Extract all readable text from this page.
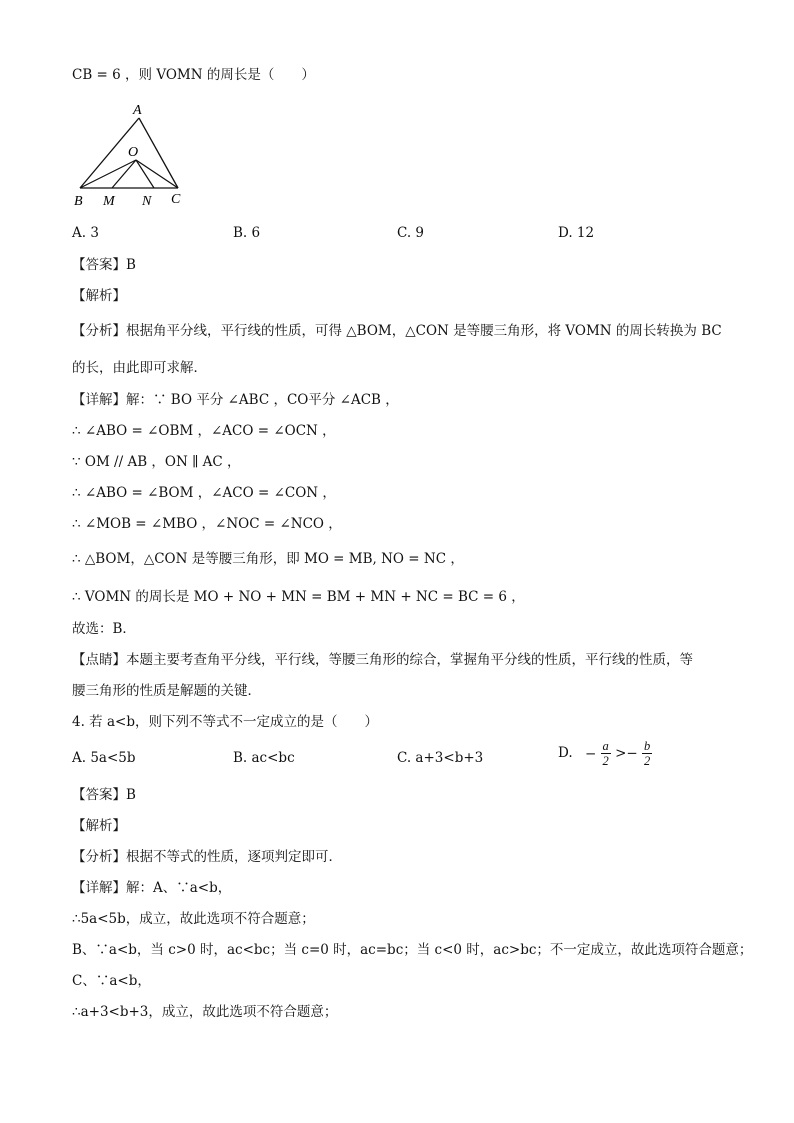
CB = 6 ，则 VOMN 的周长是（　　）
A
O
B M N C
A. 3	B. 6	C. 9	D. 12
【答案】B
【解析】
【分析】根据角平分线，平行线的性质，可得 △BOM，△CON 是等腰三角形，将 VOMN 的周长转换为 BC
的长，由此即可求解．
【详解】解：∵ BO 平分 ∠ABC ，CO平分 ∠ACB ，
∴ ∠ABO = ∠OBM ，∠ACO = ∠OCN ，
∵ OM // AB ，ON ∥ AC ，
∴ ∠ABO = ∠BOM ，∠ACO = ∠CON ，
∴ ∠MOB = ∠MBO ，∠NOC = ∠NCO ，
∴ △BOM，△CON 是等腰三角形，即 MO = MB, NO = NC ，
∴ VOMN 的周长是 MO + NO + MN = BM + MN + NC = BC = 6 ，
故选：B．
【点睛】本题主要考查角平分线，平行线，等腰三角形的综合，掌握角平分线的性质，平行线的性质，等
腰三角形的性质是解题的关键．
4. 若 a<b，则下列不等式不一定成立的是（　　）
A. 5a<5b	B. ac<bc	C. a+3<b+3	D. − $\frac{a}{2} >- \frac{b}{2}$
【答案】B
【解析】
【分析】根据不等式的性质，逐项判定即可．
【详解】解：A、∵a<b，
∴5a<5b，成立，故此选项不符合题意；
B、∵a<b，当 c>0 时，ac<bc；当 c=0 时，ac=bc；当 c<0 时，ac>bc；不一定成立，故此选项符合题意；
C、∵a<b，
∴a+3<b+3，成立，故此选项不符合题意；
